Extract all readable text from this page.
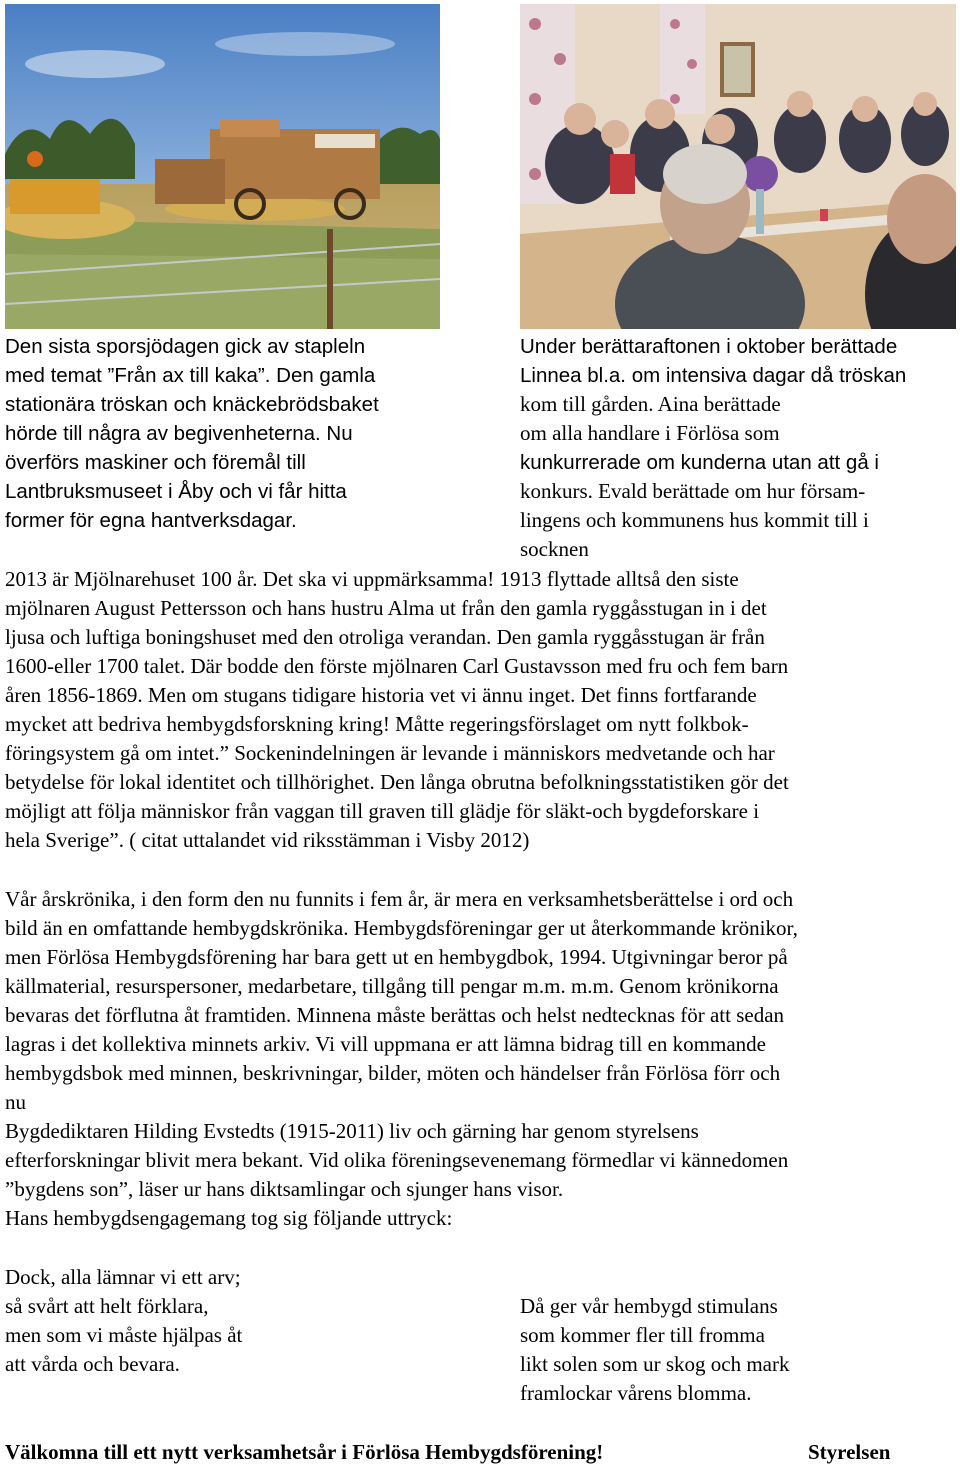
Den sista sporsjödagen gick av stapleln
med temat ”Från ax till kaka”. Den gamla
stationära tröskan och knäckebrödsbaket
hörde till några av begivenheterna. Nu
överförs maskiner och föremål till
Lantbruksmuseet i Åby och vi får hitta
former för egna hantverksdagar.
Under berättaraftonen i oktober berättade
Linnea bl.a. om intensiva dagar då tröskan
kom till gården. Aina berättade
om alla handlare i Förlösa som
kunkurrerade om kunderna utan att gå i
konkurs. Evald berättade om hur försam-
lingens och kommunens hus kommit till i
socknen
2013 är Mjölnarehuset 100 år. Det ska vi uppmärksamma! 1913 flyttade alltså den siste
mjölnaren August Pettersson och hans hustru Alma ut från den gamla ryggåsstugan in i det
ljusa och luftiga boningshuset med den otroliga verandan. Den gamla ryggåsstugan är från
1600-eller 1700 talet. Där bodde den förste mjölnaren Carl Gustavsson med fru och fem barn
åren 1856-1869. Men om stugans tidigare historia vet vi ännu inget. Det finns fortfarande
mycket att bedriva hembygdsforskning kring! Måtte regeringsförslaget om nytt folkbok-
föringsystem gå om intet.” Sockenindelningen är levande i människors medvetande och har
betydelse för lokal identitet och tillhörighet. Den långa obrutna befolkningsstatistiken gör det
möjligt att följa människor från vaggan till graven till glädje för släkt-och bygdeforskare i
hela Sverige”. ( citat uttalandet vid riksstämman i Visby 2012)
Vår årskrönika, i den form den nu funnits i fem år, är mera en verksamhetsberättelse i ord och
bild än en omfattande hembygdskrönika. Hembygdsföreningar ger ut återkommande krönikor,
men Förlösa Hembygdsförening har bara gett ut en hembygdbok, 1994. Utgivningar beror på
källmaterial, resurspersoner, medarbetare, tillgång till pengar m.m. m.m. Genom krönikorna
bevaras det förflutna åt framtiden. Minnena måste berättas och helst nedtecknas för att sedan
lagras i det kollektiva minnets arkiv. Vi vill uppmana er att lämna bidrag till en kommande
hembygdsbok med minnen, beskrivningar, bilder, möten och händelser från Förlösa förr och
nu
Bygdediktaren Hilding Evstedts (1915-2011) liv och gärning har genom styrelsens
efterforskningar blivit mera bekant. Vid olika föreningsevenemang förmedlar vi kännedomen
”bygdens son”, läser ur hans diktsamlingar och sjunger hans visor.
Hans hembygdsengagemang tog sig följande uttryck:
Dock, alla lämnar vi ett arv;
så svårt att helt förklara,
men som vi måste hjälpas åt
att vårda och bevara.
Då ger vår hembygd stimulans
som kommer fler till fromma
likt solen som ur skog och mark
framlockar vårens blomma.
Välkomna till ett nytt verksamhetsår i Förlösa Hembygdsförening!	Styrelsen
